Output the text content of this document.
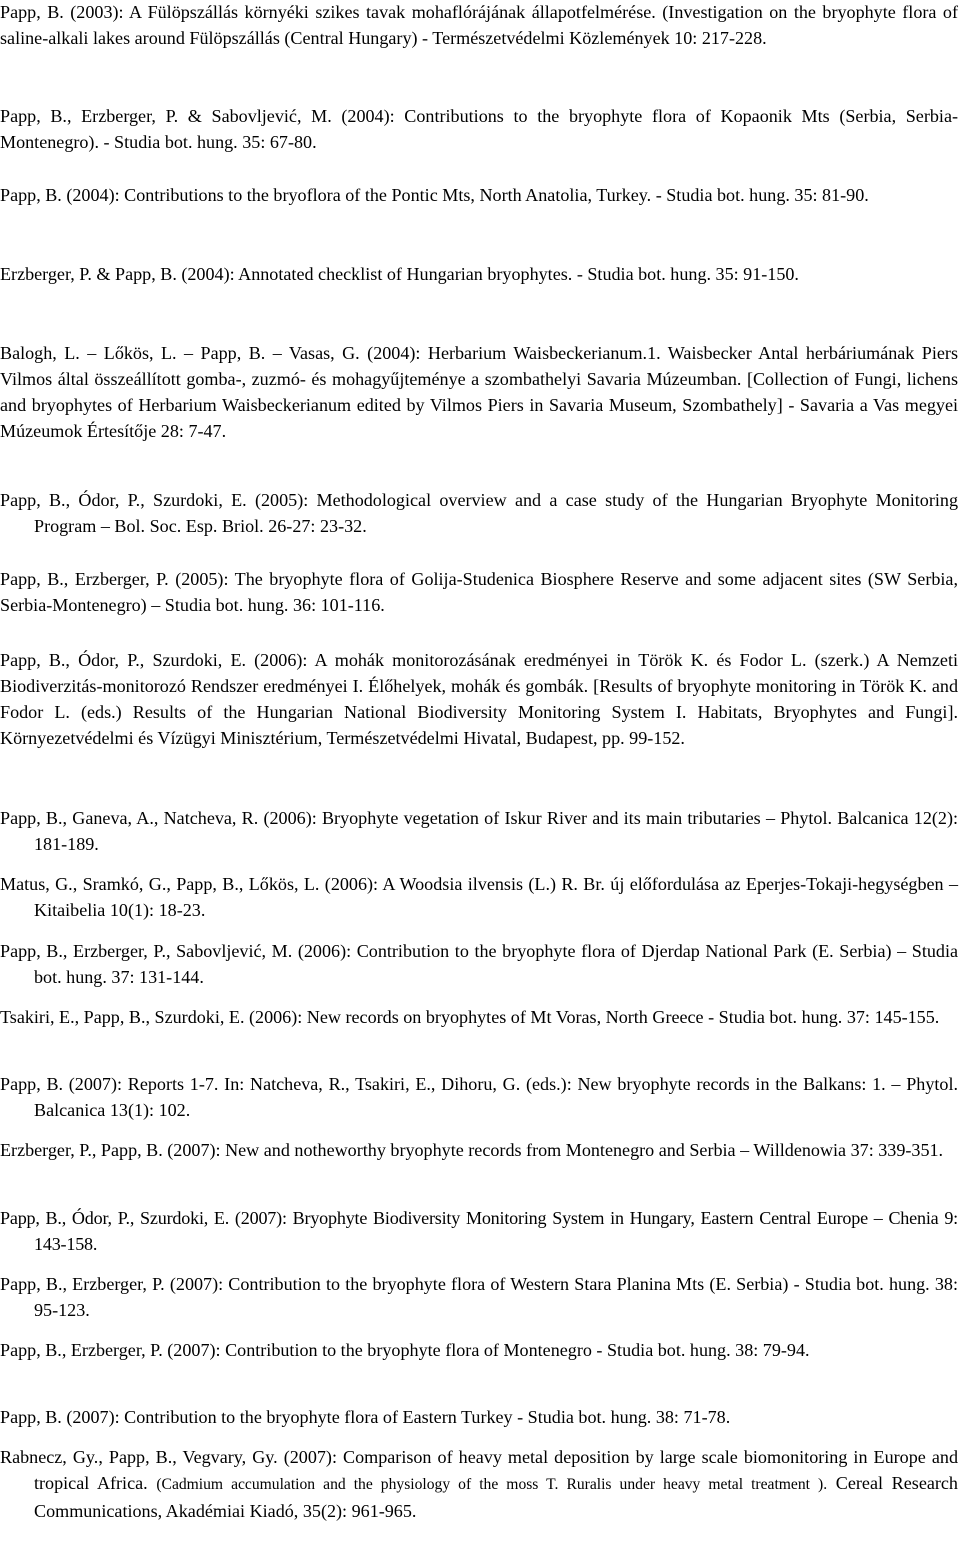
Papp, B. (2003): A Fülöpszállás környéki szikes tavak mohaflórájának állapotfelmérése. (Investigation on the bryophyte flora of saline-alkali lakes around Fülöpszállás (Central Hungary) - Természetvédelmi Közlemények 10: 217-228.

Papp, B., Erzberger, P. & Sabovljević, M. (2004): Contributions to the bryophyte flora of Kopaonik Mts (Serbia, Serbia-Montenegro). - Studia bot. hung. 35: 67-80.

Papp, B. (2004): Contributions to the bryoflora of the Pontic Mts, North Anatolia, Turkey. - Studia bot. hung. 35: 81-90.

Erzberger, P. & Papp, B. (2004): Annotated checklist of Hungarian bryophytes. - Studia bot. hung. 35: 91-150.

Balogh, L. – Lőkös, L. – Papp, B. – Vasas, G. (2004): Herbarium Waisbeckerianum.1. Waisbecker Antal herbáriumának Piers Vilmos által összeállított gomba-, zuzmó- és mohagyűjteménye a szombathelyi Savaria Múzeumban. [Collection of Fungi, lichens and bryophytes of Herbarium Waisbeckerianum edited by Vilmos Piers in Savaria Museum, Szombathely] - Savaria a Vas megyei Múzeumok Értesítője 28: 7-47.

Papp, B., Ódor, P., Szurdoki, E. (2005): Methodological overview and a case study of the Hungarian Bryophyte Monitoring Program – Bol. Soc. Esp. Briol. 26-27: 23-32.

Papp, B., Erzberger, P. (2005): The bryophyte flora of Golija-Studenica Biosphere Reserve and some adjacent sites (SW Serbia, Serbia-Montenegro) – Studia bot. hung. 36: 101-116.

Papp, B., Ódor, P., Szurdoki, E. (2006): A mohák monitorozásának eredményei in Török K. és Fodor L. (szerk.) A Nemzeti Biodiverzitás-monitorozó Rendszer eredményei I. Élőhelyek, mohák és gombák. [Results of bryophyte monitoring in Török K. and Fodor L. (eds.) Results of the Hungarian National Biodiversity Monitoring System I. Habitats, Bryophytes and Fungi]. Környezetvédelmi és Vízügyi Minisztérium, Természetvédelmi Hivatal, Budapest, pp. 99-152.

Papp, B., Ganeva, A., Natcheva, R. (2006): Bryophyte vegetation of Iskur River and its main tributaries – Phytol. Balcanica 12(2): 181-189.

Matus, G., Sramkó, G., Papp, B., Lőkös, L. (2006): A Woodsia ilvensis (L.) R. Br. új előfordulása az Eperjes-Tokaji-hegységben – Kitaibelia 10(1): 18-23.

Papp, B., Erzberger, P., Sabovljević, M. (2006): Contribution to the bryophyte flora of Djerdap National Park (E. Serbia) – Studia bot. hung. 37: 131-144.

Tsakiri, E., Papp, B., Szurdoki, E. (2006): New records on bryophytes of Mt Voras, North Greece - Studia bot. hung. 37: 145-155.

Papp, B. (2007): Reports 1-7. In: Natcheva, R., Tsakiri, E., Dihoru, G. (eds.): New bryophyte records in the Balkans: 1. – Phytol. Balcanica 13(1): 102.

Erzberger, P., Papp, B. (2007): New and notheworthy bryophyte records from Montenegro and Serbia – Willdenowia 37: 339-351.

Papp, B., Ódor, P., Szurdoki, E. (2007): Bryophyte Biodiversity Monitoring System in Hungary, Eastern Central Europe – Chenia 9: 143-158.

Papp, B., Erzberger, P. (2007): Contribution to the bryophyte flora of Western Stara Planina Mts (E. Serbia) - Studia bot. hung. 38: 95-123.

Papp, B., Erzberger, P. (2007): Contribution to the bryophyte flora of Montenegro - Studia bot. hung. 38: 79-94.

Papp, B. (2007): Contribution to the bryophyte flora of Eastern Turkey - Studia bot. hung. 38: 71-78.

Rabnecz, Gy., Papp, B., Vegvary, Gy. (2007): Comparison of heavy metal deposition by large scale biomonitoring in Europe and tropical Africa. (Cadmium accumulation and the physiology of the moss T. Ruralis under heavy metal treatment ). Cereal Research Communications, Akadémiai Kiadó, 35(2): 961-965.
